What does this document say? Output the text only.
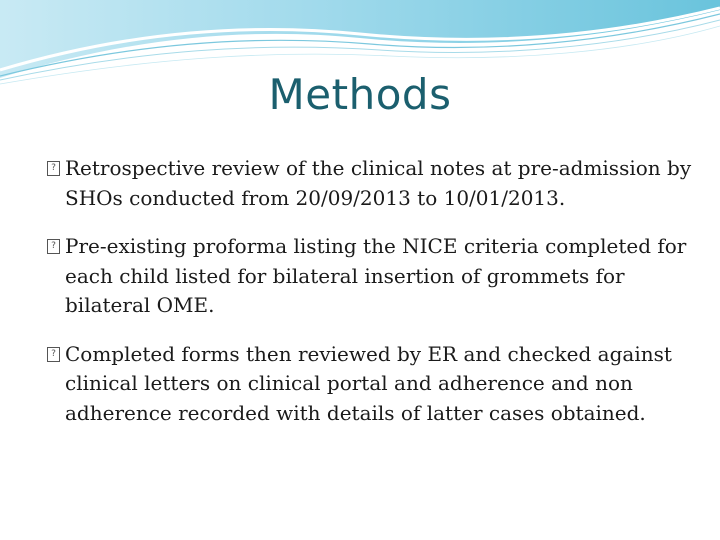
Methods
? Retrospective review of the clinical notes at pre-admission by SHOs conducted from 20/09/2013 to 10/01/2013.
? Pre-existing proforma listing the NICE criteria completed for each child listed for bilateral insertion of grommets for bilateral OME.
? Completed forms then reviewed by ER and checked against clinical letters on clinical portal and adherence and non adherence recorded with details of latter cases obtained.
